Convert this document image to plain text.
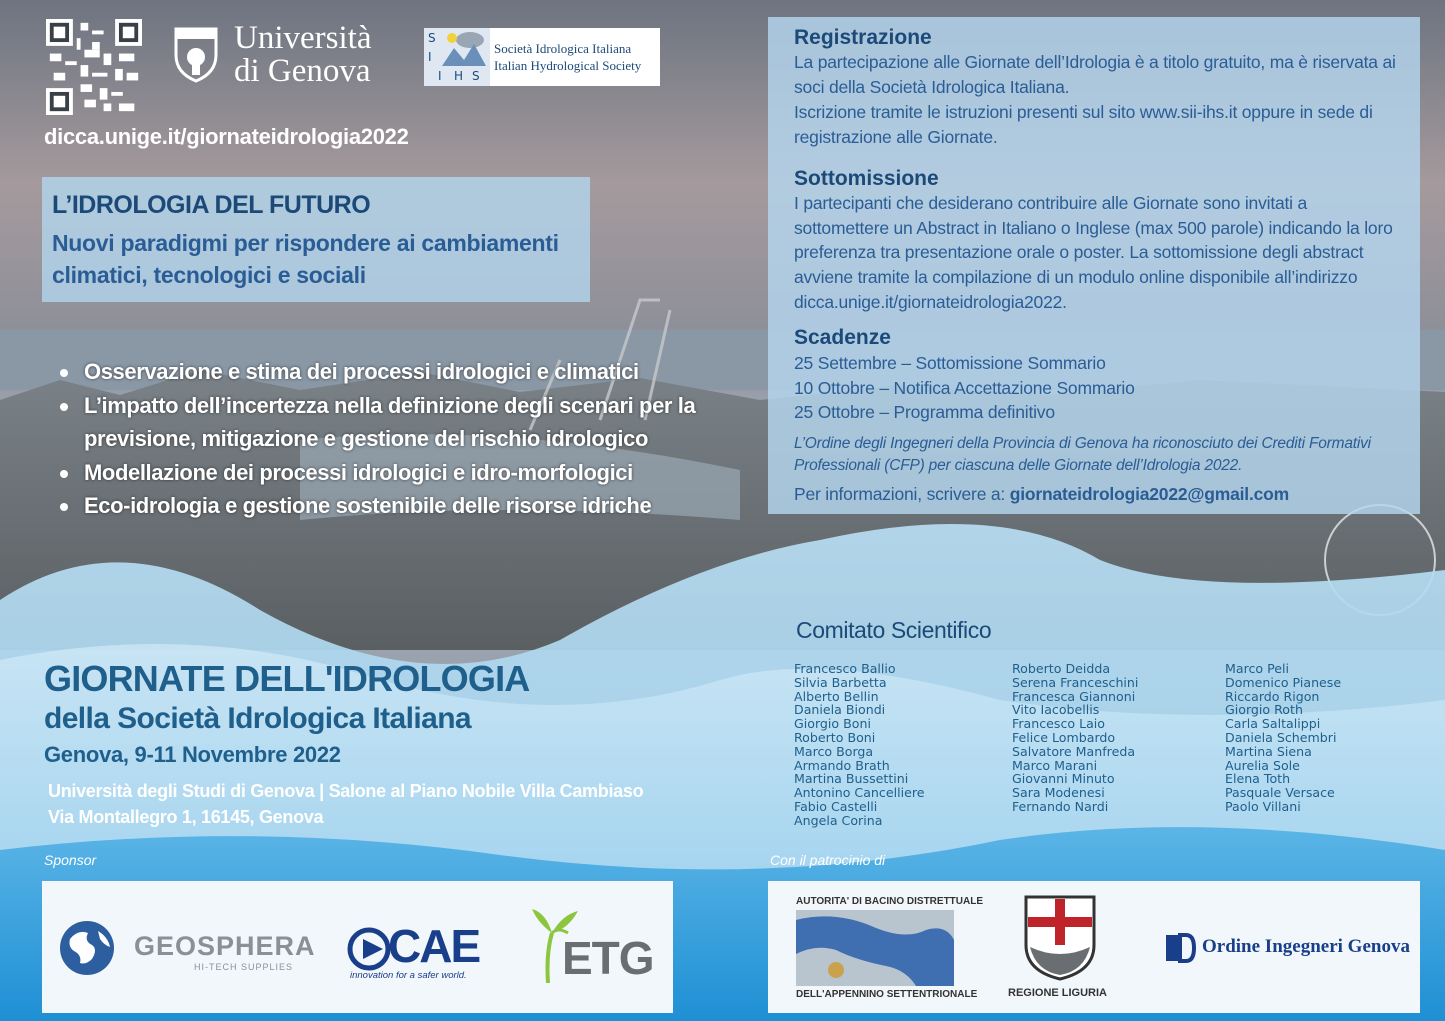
Università
di Genova
S
I
I H S
Società Idrologica Italiana
Italian Hydrological Society
dicca.unige.it/giornateidrologia2022
L’IDROLOGIA DEL FUTURO
Nuovi paradigmi per rispondere ai cambiamenti climatici, tecnologici e sociali
Osservazione e stima dei processi idrologici e climatici
L’impatto dell’incertezza nella definizione degli scenari per la previsione, mitigazione e gestione del rischio idrologico
Modellazione dei processi idrologici e idro-morfologici
Eco-idrologia e gestione sostenibile delle risorse idriche
Registrazione
La partecipazione alle Giornate dell’Idrologia è a titolo gratuito, ma è riservata ai soci della Società Idrologica Italiana.
Iscrizione tramite le istruzioni presenti sul sito www.sii-ihs.it oppure in sede di registrazione alle Giornate.
Sottomissione
I partecipanti che desiderano contribuire alle Giornate sono invitati a sottomettere un Abstract in Italiano o Inglese (max 500 parole) indicando la loro preferenza tra presentazione orale o poster. La sottomissione degli abstract avviene tramite la compilazione di un modulo online disponibile all’indirizzo dicca.unige.it/giornateidrologia2022.
Scadenze
25 Settembre – Sottomissione Sommario
10 Ottobre – Notifica Accettazione Sommario
25 Ottobre – Programma definitivo
L’Ordine degli Ingegneri della Provincia di Genova ha riconosciuto dei Crediti Formativi Professionali (CFP) per ciascuna delle Giornate dell’Idrologia 2022.
Per informazioni, scrivere a: giornateidrologia2022@gmail.com
GIORNATE DELL'IDROLOGIA
della Società Idrologica Italiana
Genova, 9-11 Novembre 2022
Università degli Studi di Genova | Salone al Piano Nobile Villa Cambiaso
Via Montallegro 1, 16145, Genova
Comitato Scientifico
Francesco Ballio
Silvia Barbetta
Alberto Bellin
Daniela Biondi
Giorgio Boni
Roberto Boni
Marco Borga
Armando Brath
Martina Bussettini
Antonino Cancelliere
Fabio Castelli
Angela Corina
Roberto Deidda
Serena Franceschini
Francesca Giannoni
Vito Iacobellis
Francesco Laio
Felice Lombardo
Salvatore Manfreda
Marco Marani
Giovanni Minuto
Sara Modenesi
Fernando Nardi
Marco Peli
Domenico Pianese
Riccardo Rigon
Giorgio Roth
Carla Saltalippi
Daniela Schembri
Martina Siena
Aurelia Sole
Elena Toth
Pasquale Versace
Paolo Villani
Sponsor	Con il patrocinio di
GEOSPHERA
HI-TECH SUPPLIES CAE
innovation for a safer world. ETG
AUTORITA' DI BACINO DISTRETTUALE
DELL'APPENNINO SETTENTRIONALE	REGIONE LIGURIA
Ordine Ingegneri Genova
